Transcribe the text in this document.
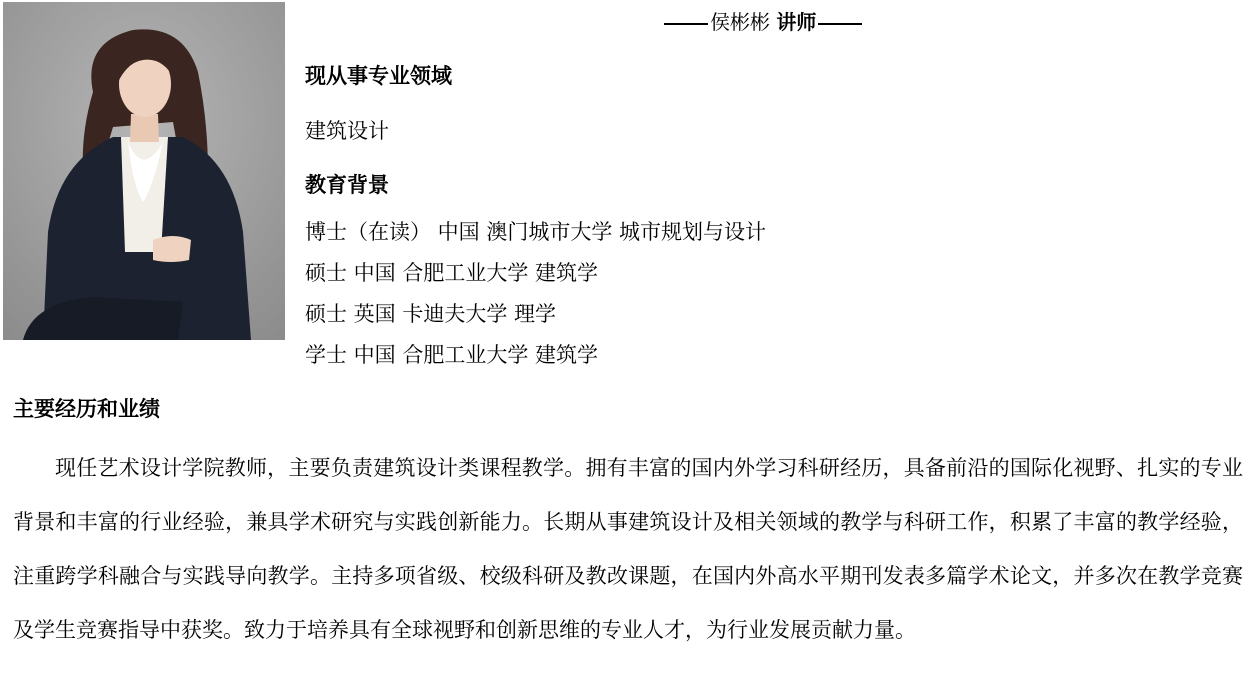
侯彬彬 讲师
现从事专业领域
建筑设计
教育背景
博士（在读） 中国 澳门城市大学 城市规划与设计
硕士 中国 合肥工业大学 建筑学
硕士 英国 卡迪夫大学 理学
学士 中国 合肥工业大学 建筑学
主要经历和业绩

现任艺术设计学院教师，主要负责建筑设计类课程教学。拥有丰富的国内外学习科研经历，具备前沿的国际化视野、扎实的专业背景和丰富的行业经验，兼具学术研究与实践创新能力。长期从事建筑设计及相关领域的教学与科研工作，积累了丰富的教学经验，注重跨学科融合与实践导向教学。主持多项省级、校级科研及教改课题，在国内外高水平期刊发表多篇学术论文，并多次在教学竞赛及学生竞赛指导中获奖。致力于培养具有全球视野和创新思维的专业人才，为行业发展贡献力量。
